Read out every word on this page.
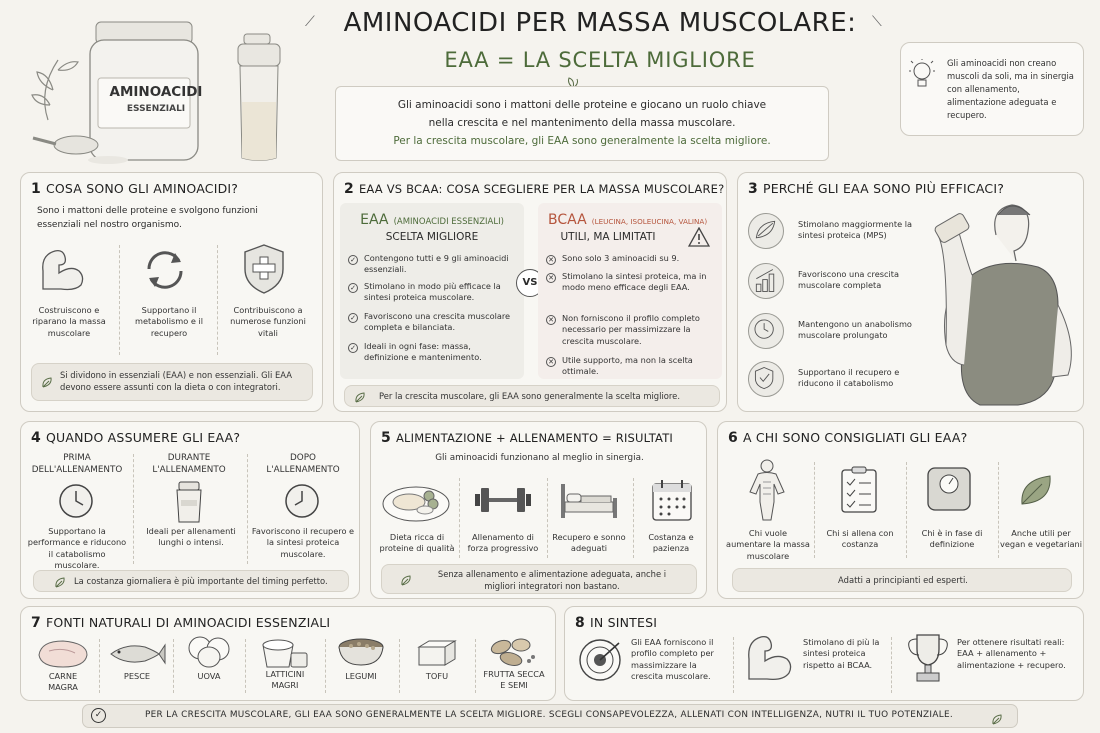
AMINOACIDI
ESSENZIALI
⟋	AMINOACIDI PER MASSA MUSCOLARE:	⟍
EAA = LA SCELTA MIGLIORE
Gli aminoacidi sono i mattoni delle proteine e giocano un ruolo chiave
nella crescita e nel mantenimento della massa muscolare.
Per la crescita muscolare, gli EAA sono generalmente la scelta migliore.
Gli aminoacidi non creano muscoli da soli, ma in sinergia con allenamento, alimentazione adeguata e recupero.
1 COSA SONO GLI AMINOACIDI?
Sono i mattoni delle proteine e svolgono funzioni essenziali nel nostro organismo.
Costruiscono e riparano la massa muscolare
Supportano il metabolismo e il recupero
Contribuiscono a numerose funzioni vitali
Si dividono in essenziali (EAA) e non essenziali. Gli EAA devono essere assunti con la dieta o con integratori.
2 EAA VS BCAA: COSA SCEGLIERE PER LA MASSA MUSCOLARE?
EAA (AMINOACIDI ESSENZIALI)
SCELTA MIGLIORE
✓ Contengono tutti e 9 gli aminoacidi essenziali.
✓ Stimolano in modo più efficace la sintesi proteica muscolare.
✓ Favoriscono una crescita muscolare completa e bilanciata.
✓ Ideali in ogni fase: massa, definizione e mantenimento.
VS
BCAA (LEUCINA, ISOLEUCINA, VALINA)
UTILI, MA LIMITATI
✕ Sono solo 3 aminoacidi su 9.
✕ Stimolano la sintesi proteica, ma in modo meno efficace degli EAA.
✕ Non forniscono il profilo completo necessario per massimizzare la crescita muscolare.
✕ Utile supporto, ma non la scelta ottimale.
Per la crescita muscolare, gli EAA sono generalmente la scelta migliore.
3 PERCHÉ GLI EAA SONO PIÙ EFFICACI?
Stimolano maggiormente la sintesi proteica (MPS)
Favoriscono una crescita muscolare completa
Mantengono un anabolismo muscolare prolungato
Supportano il recupero e riducono il catabolismo
4 QUANDO ASSUMERE GLI EAA?
PRIMA DELL'ALLENAMENTO
Supportano la performance e riducono il catabolismo muscolare.
DURANTE L'ALLENAMENTO
Ideali per allenamenti lunghi o intensi.
DOPO L'ALLENAMENTO
Favoriscono il recupero e la sintesi proteica muscolare.
La costanza giornaliera è più importante del timing perfetto.
5 ALIMENTAZIONE + ALLENAMENTO = RISULTATI
Gli aminoacidi funzionano al meglio in sinergia.
Dieta ricca di proteine di qualità
Allenamento di forza progressivo
Recupero e sonno adeguati
Costanza e pazienza
Senza allenamento e alimentazione adeguata, anche i migliori integratori non bastano.
6 A CHI SONO CONSIGLIATI GLI EAA?
Chi vuole aumentare la massa muscolare
Chi si allena con costanza
Chi è in fase di definizione
Anche utili per vegan e vegetariani
Adatti a principianti ed esperti.
7 FONTI NATURALI DI AMINOACIDI ESSENZIALI
CARNE MAGRA
PESCE	UOVA	LATTICINI MAGRI
LEGUMI	TOFU	FRUTTA SECCA E SEMI
8 IN SINTESI
Gli EAA forniscono il profilo completo per massimizzare la crescita muscolare.
Stimolano di più la sintesi proteica rispetto ai BCAA.
Per ottenere risultati reali: EAA + allenamento + alimentazione + recupero.
✓	PER LA CRESCITA MUSCOLARE, GLI EAA SONO GENERALMENTE LA SCELTA MIGLIORE. SCEGLI CONSAPEVOLEZZA, ALLENATI CON INTELLIGENZA, NUTRI IL TUO POTENZIALE.
